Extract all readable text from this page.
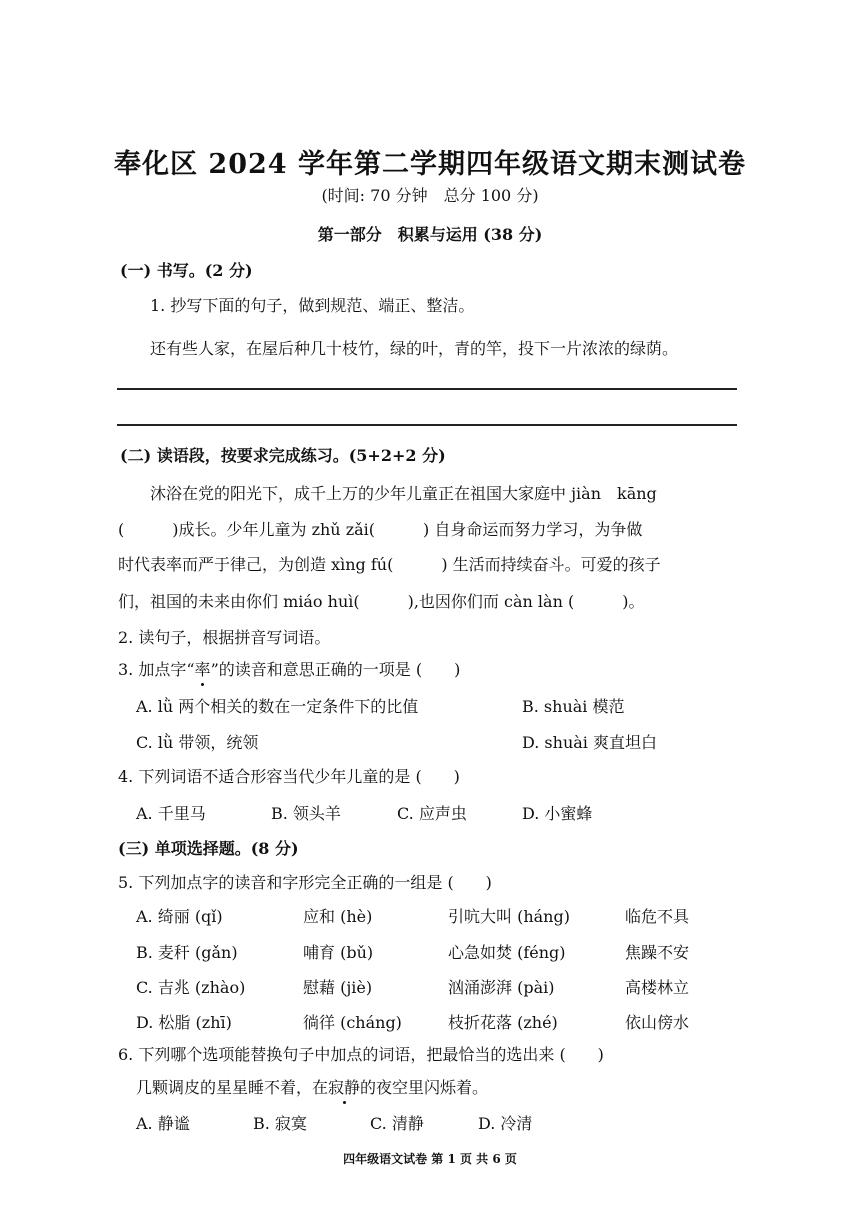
奉化区 2024 学年第二学期四年级语文期末测试卷
(时间: 70 分钟　总分 100 分)
第一部分　积累与运用 (38 分)
(一) 书写。(2 分)
1. 抄写下面的句子，做到规范、端正、整洁。
还有些人家，在屋后种几十枝竹，绿的叶，青的竿，投下一片浓浓的绿荫。
(二) 读语段，按要求完成练习。(5+2+2 分)
沐浴在党的阳光下，成千上万的少年儿童正在祖国大家庭中 jiàn　kāng
(　　　)成长。少年儿童为 zhǔ zǎi(　　　) 自身命运而努力学习，为争做
时代表率而严于律己，为创造 xìng fú(　　　) 生活而持续奋斗。可爱的孩子
们，祖国的未来由你们 miáo huì(　　　),也因你们而 càn làn (　　　)。
2. 读句子，根据拼音写词语。
3. 加点字“率”的读音和意思正确的一项是 (　　)
A. lǜ 两个相关的数在一定条件下的比值	B. shuài 模范
C. lǜ 带领，统领	D. shuài 爽直坦白
4. 下列词语不适合形容当代少年儿童的是 (　　)
A. 千里马	B. 领头羊	C. 应声虫	D. 小蜜蜂
(三) 单项选择题。(8 分)
5. 下列加点字的读音和字形完全正确的一组是 (　　)
A. 绮丽 (qǐ)	应和 (hè)	引吭大叫 (háng)	临危不具
B. 麦秆 (gǎn)	哺育 (bǔ)	心急如焚 (féng)	焦躁不安
C. 吉兆 (zhào)	慰藉 (jiè)	汹涌澎湃 (pài)	高楼林立
D. 松脂 (zhī)	徜徉 (cháng)	枝折花落 (zhé)	依山傍水
6. 下列哪个选项能替换句子中加点的词语，把最恰当的选出来 (　　)
几颗调皮的星星睡不着，在寂静的夜空里闪烁着。
A. 静谧	B. 寂寞	C. 清静	D. 冷清
四年级语文试卷 第 1 页 共 6 页
